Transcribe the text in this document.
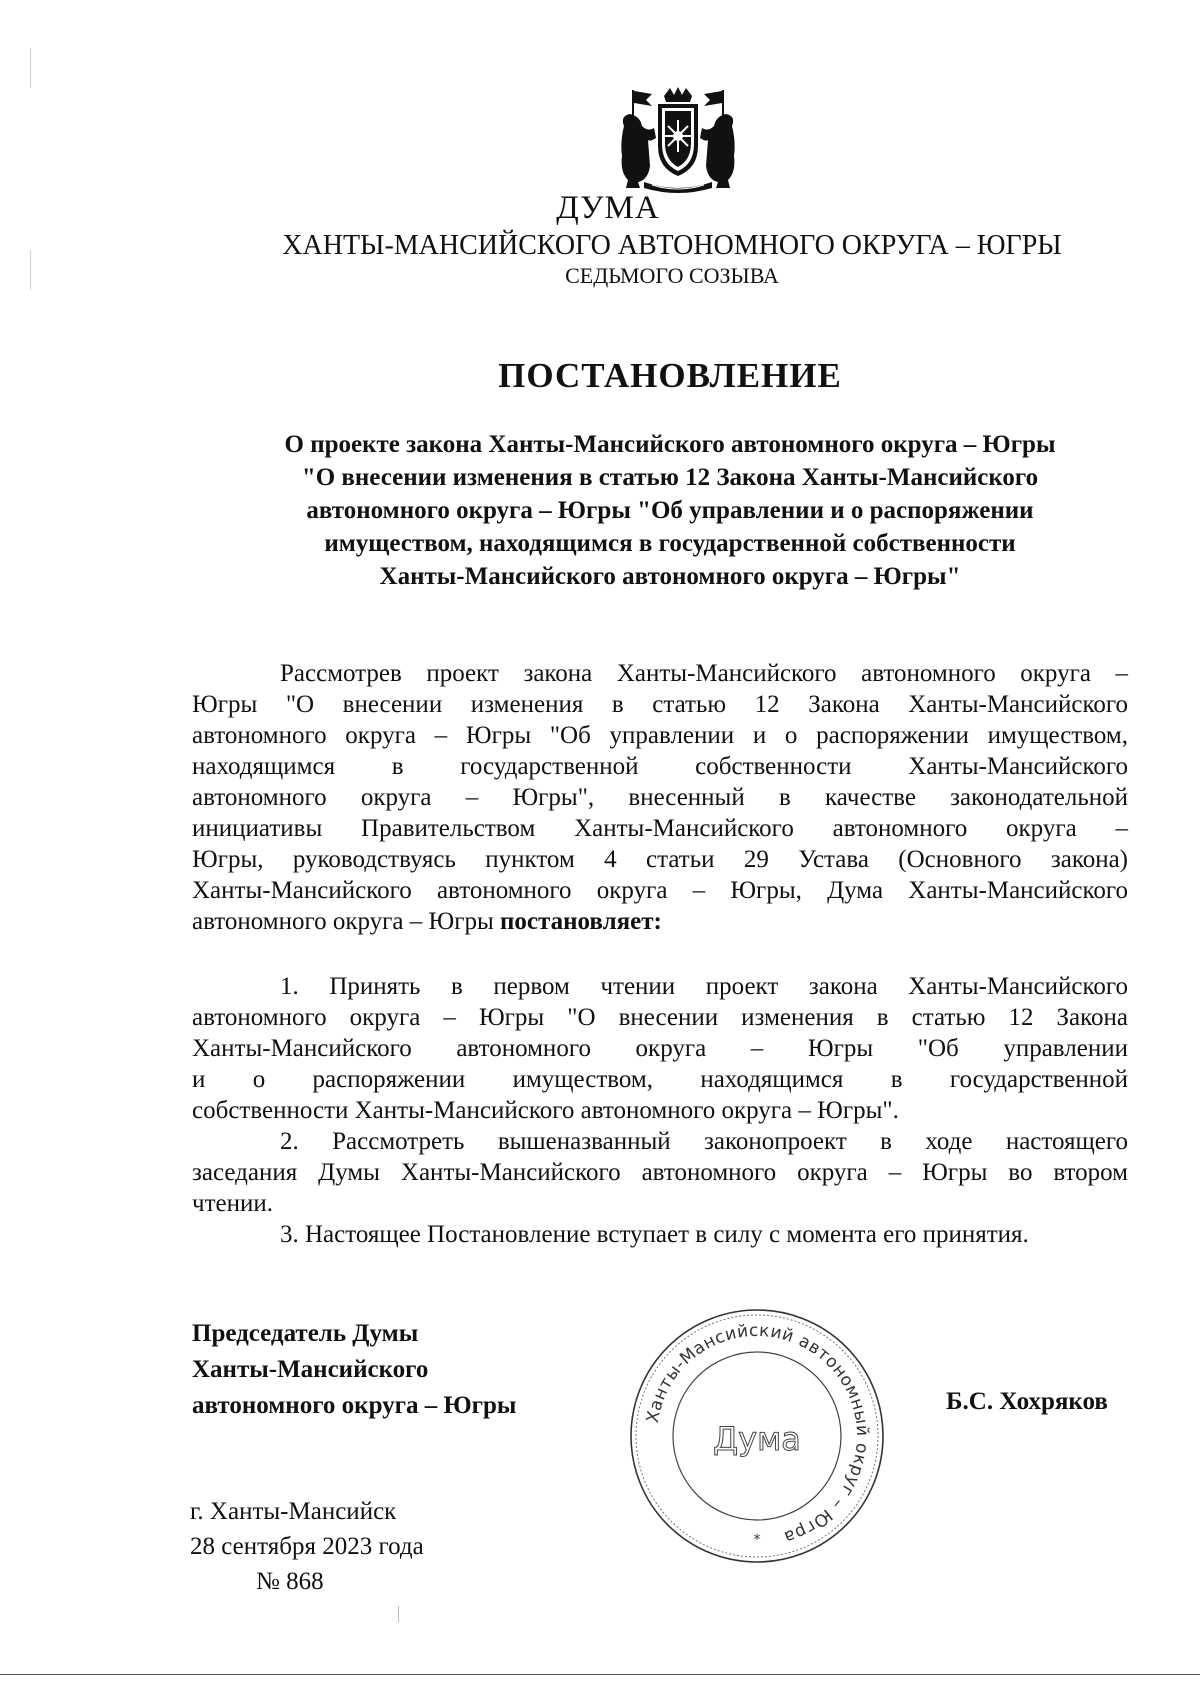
ДУМА
ХАНТЫ-МАНСИЙСКОГО АВТОНОМНОГО ОКРУГА – ЮГРЫ
СЕДЬМОГО СОЗЫВА
ПОСТАНОВЛЕНИЕ
О проекте закона Ханты-Мансийского автономного округа – Югры
"О внесении изменения в статью 12 Закона Ханты-Мансийского
автономного округа – Югры "Об управлении и о распоряжении
имуществом, находящимся в государственной собственности
Ханты-Мансийского автономного округа – Югры"
Рассмотрев проект закона Ханты-Мансийского автономного округа –
Югры "О внесении изменения в статью 12 Закона Ханты-Мансийского
автономного округа – Югры "Об управлении и о распоряжении имуществом,
находящимся в государственной собственности Ханты-Мансийского
автономного округа – Югры", внесенный в качестве законодательной
инициативы Правительством Ханты-Мансийского автономного округа –
Югры, руководствуясь пунктом 4 статьи 29 Устава (Основного закона)
Ханты-Мансийского автономного округа – Югры, Дума Ханты-Мансийского
автономного округа – Югры постановляет:
1. Принять в первом чтении проект закона Ханты-Мансийского
автономного округа – Югры "О внесении изменения в статью 12 Закона
Ханты-Мансийского автономного округа – Югры "Об управлении
и о распоряжении имуществом, находящимся в государственной
собственности Ханты-Мансийского автономного округа – Югры".
2. Рассмотреть вышеназванный законопроект в ходе настоящего
заседания Думы Ханты-Мансийского автономного округа – Югры во втором
чтении.
3. Настоящее Постановление вступает в силу с момента его принятия.
Председатель Думы
Ханты-Мансийского
автономного округа – Югры	Ханты-Мансийский автономный округ – Югра
Дума
*
Б.С. Хохряков
г. Ханты-Мансийск
28 сентября 2023 года
№ 868
